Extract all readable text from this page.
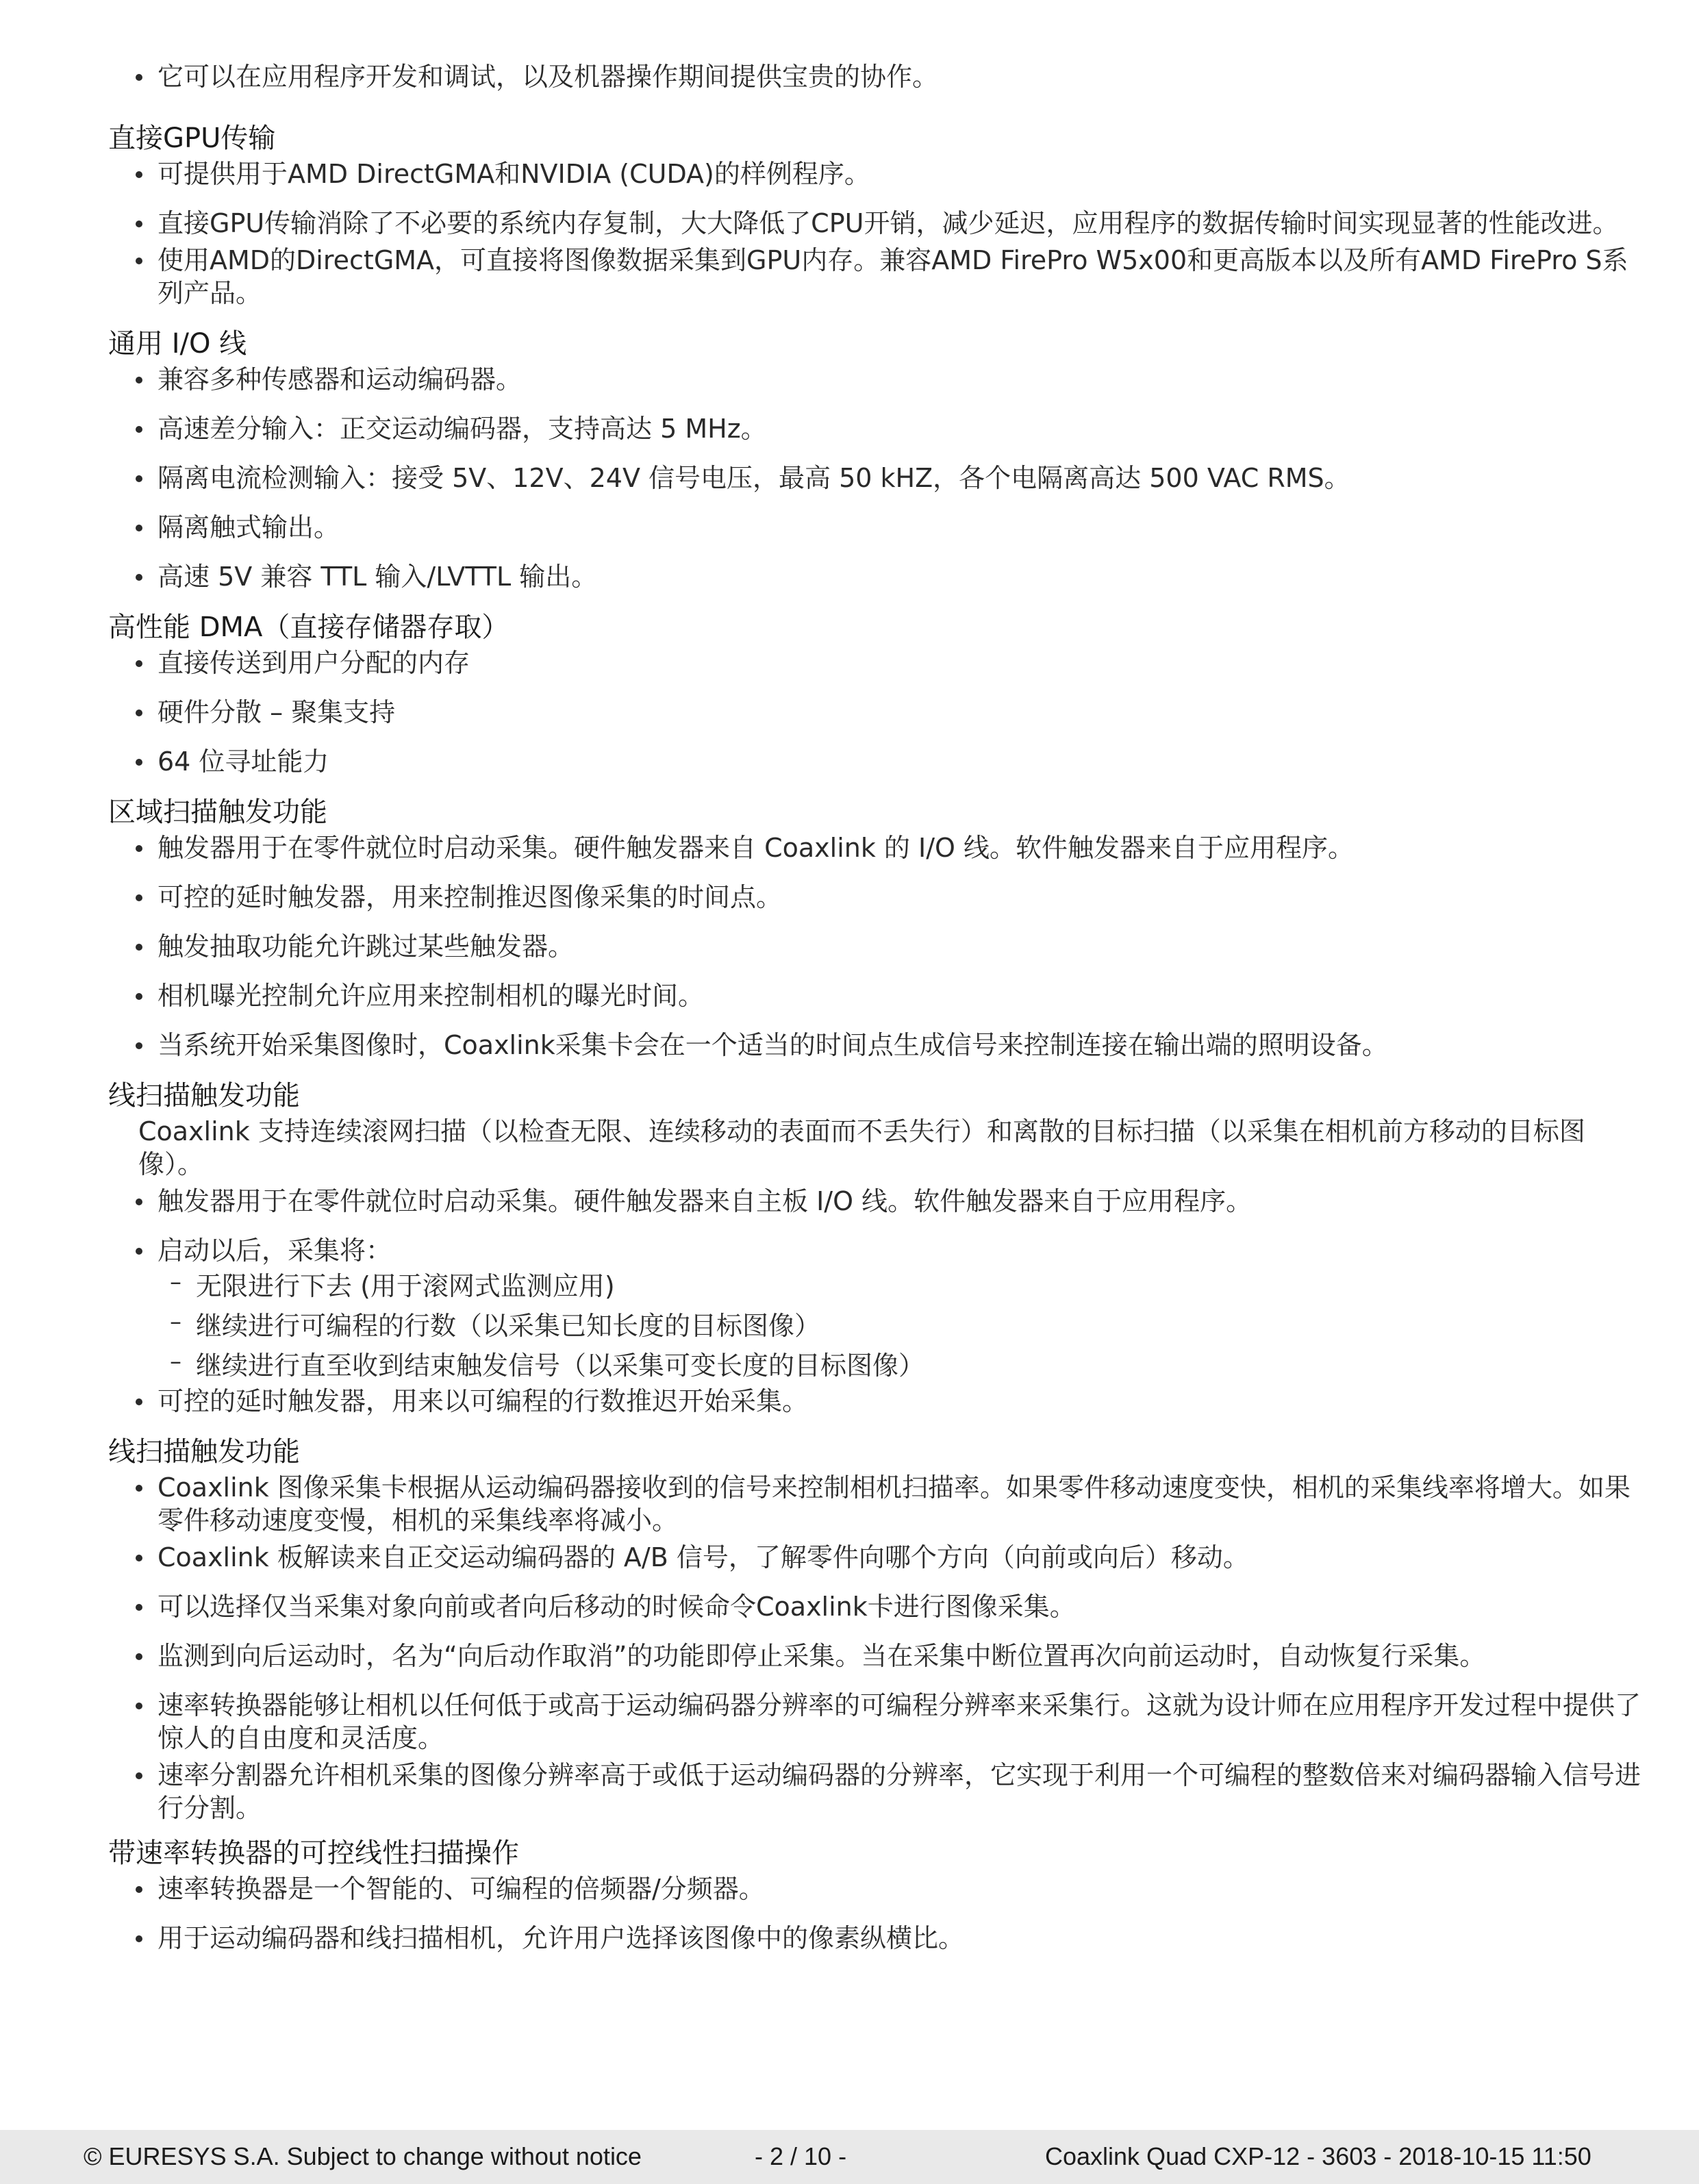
它可以在应用程序开发和调试，以及机器操作期间提供宝贵的协作。
直接GPU传输
可提供用于AMD DirectGMA和NVIDIA (CUDA)的样例程序。
直接GPU传输消除了不必要的系统内存复制，大大降低了CPU开销，减少延迟，应用程序的数据传输时间实现显著的性能改进。
使用AMD的DirectGMA，可直接将图像数据采集到GPU内存。兼容AMD FirePro W5x00和更高版本以及所有AMD FirePro S系列产品。
通用 I/O 线
兼容多种传感器和运动编码器。
高速差分输入：正交运动编码器，支持高达 5 MHz。
隔离电流检测输入：接受 5V、12V、24V 信号电压，最高 50 kHZ，各个电隔离高达 500 VAC RMS。
隔离触式输出。
高速 5V 兼容 TTL 输入/LVTTL 输出。
高性能 DMA（直接存储器存取）
直接传送到用户分配的内存
硬件分散 – 聚集支持
64 位寻址能力
区域扫描触发功能
触发器用于在零件就位时启动采集。硬件触发器来自 Coaxlink 的 I/O 线。软件触发器来自于应用程序。
可控的延时触发器，用来控制推迟图像采集的时间点。
触发抽取功能允许跳过某些触发器。
相机曝光控制允许应用来控制相机的曝光时间。
当系统开始采集图像时，Coaxlink采集卡会在一个适当的时间点生成信号来控制连接在输出端的照明设备。
线扫描触发功能
Coaxlink 支持连续滚网扫描（以检查无限、连续移动的表面而不丢失行）和离散的目标扫描（以采集在相机前方移动的目标图像）。
触发器用于在零件就位时启动采集。硬件触发器来自主板 I/O 线。软件触发器来自于应用程序。
启动以后，采集将：
– 无限进行下去 (用于滚网式监测应用)
– 继续进行可编程的行数（以采集已知长度的目标图像）
– 继续进行直至收到结束触发信号（以采集可变长度的目标图像）
可控的延时触发器，用来以可编程的行数推迟开始采集。
线扫描触发功能
Coaxlink 图像采集卡根据从运动编码器接收到的信号来控制相机扫描率。如果零件移动速度变快，相机的采集线率将增大。如果零件移动速度变慢，相机的采集线率将减小。
Coaxlink 板解读来自正交运动编码器的 A/B 信号，了解零件向哪个方向（向前或向后）移动。
可以选择仅当采集对象向前或者向后移动的时候命令Coaxlink卡进行图像采集。
监测到向后运动时，名为“向后动作取消”的功能即停止采集。当在采集中断位置再次向前运动时，自动恢复行采集。
速率转换器能够让相机以任何低于或高于运动编码器分辨率的可编程分辨率来采集行。这就为设计师在应用程序开发过程中提供了惊人的自由度和灵活度。
速率分割器允许相机采集的图像分辨率高于或低于运动编码器的分辨率，它实现于利用一个可编程的整数倍来对编码器输入信号进行分割。
带速率转换器的可控线性扫描操作
速率转换器是一个智能的、可编程的倍频器/分频器。
用于运动编码器和线扫描相机，允许用户选择该图像中的像素纵横比。
© EURESYS S.A. Subject to change without notice	- 2 / 10 -	Coaxlink Quad CXP-12 - 3603 - 2018-10-15 11:50
